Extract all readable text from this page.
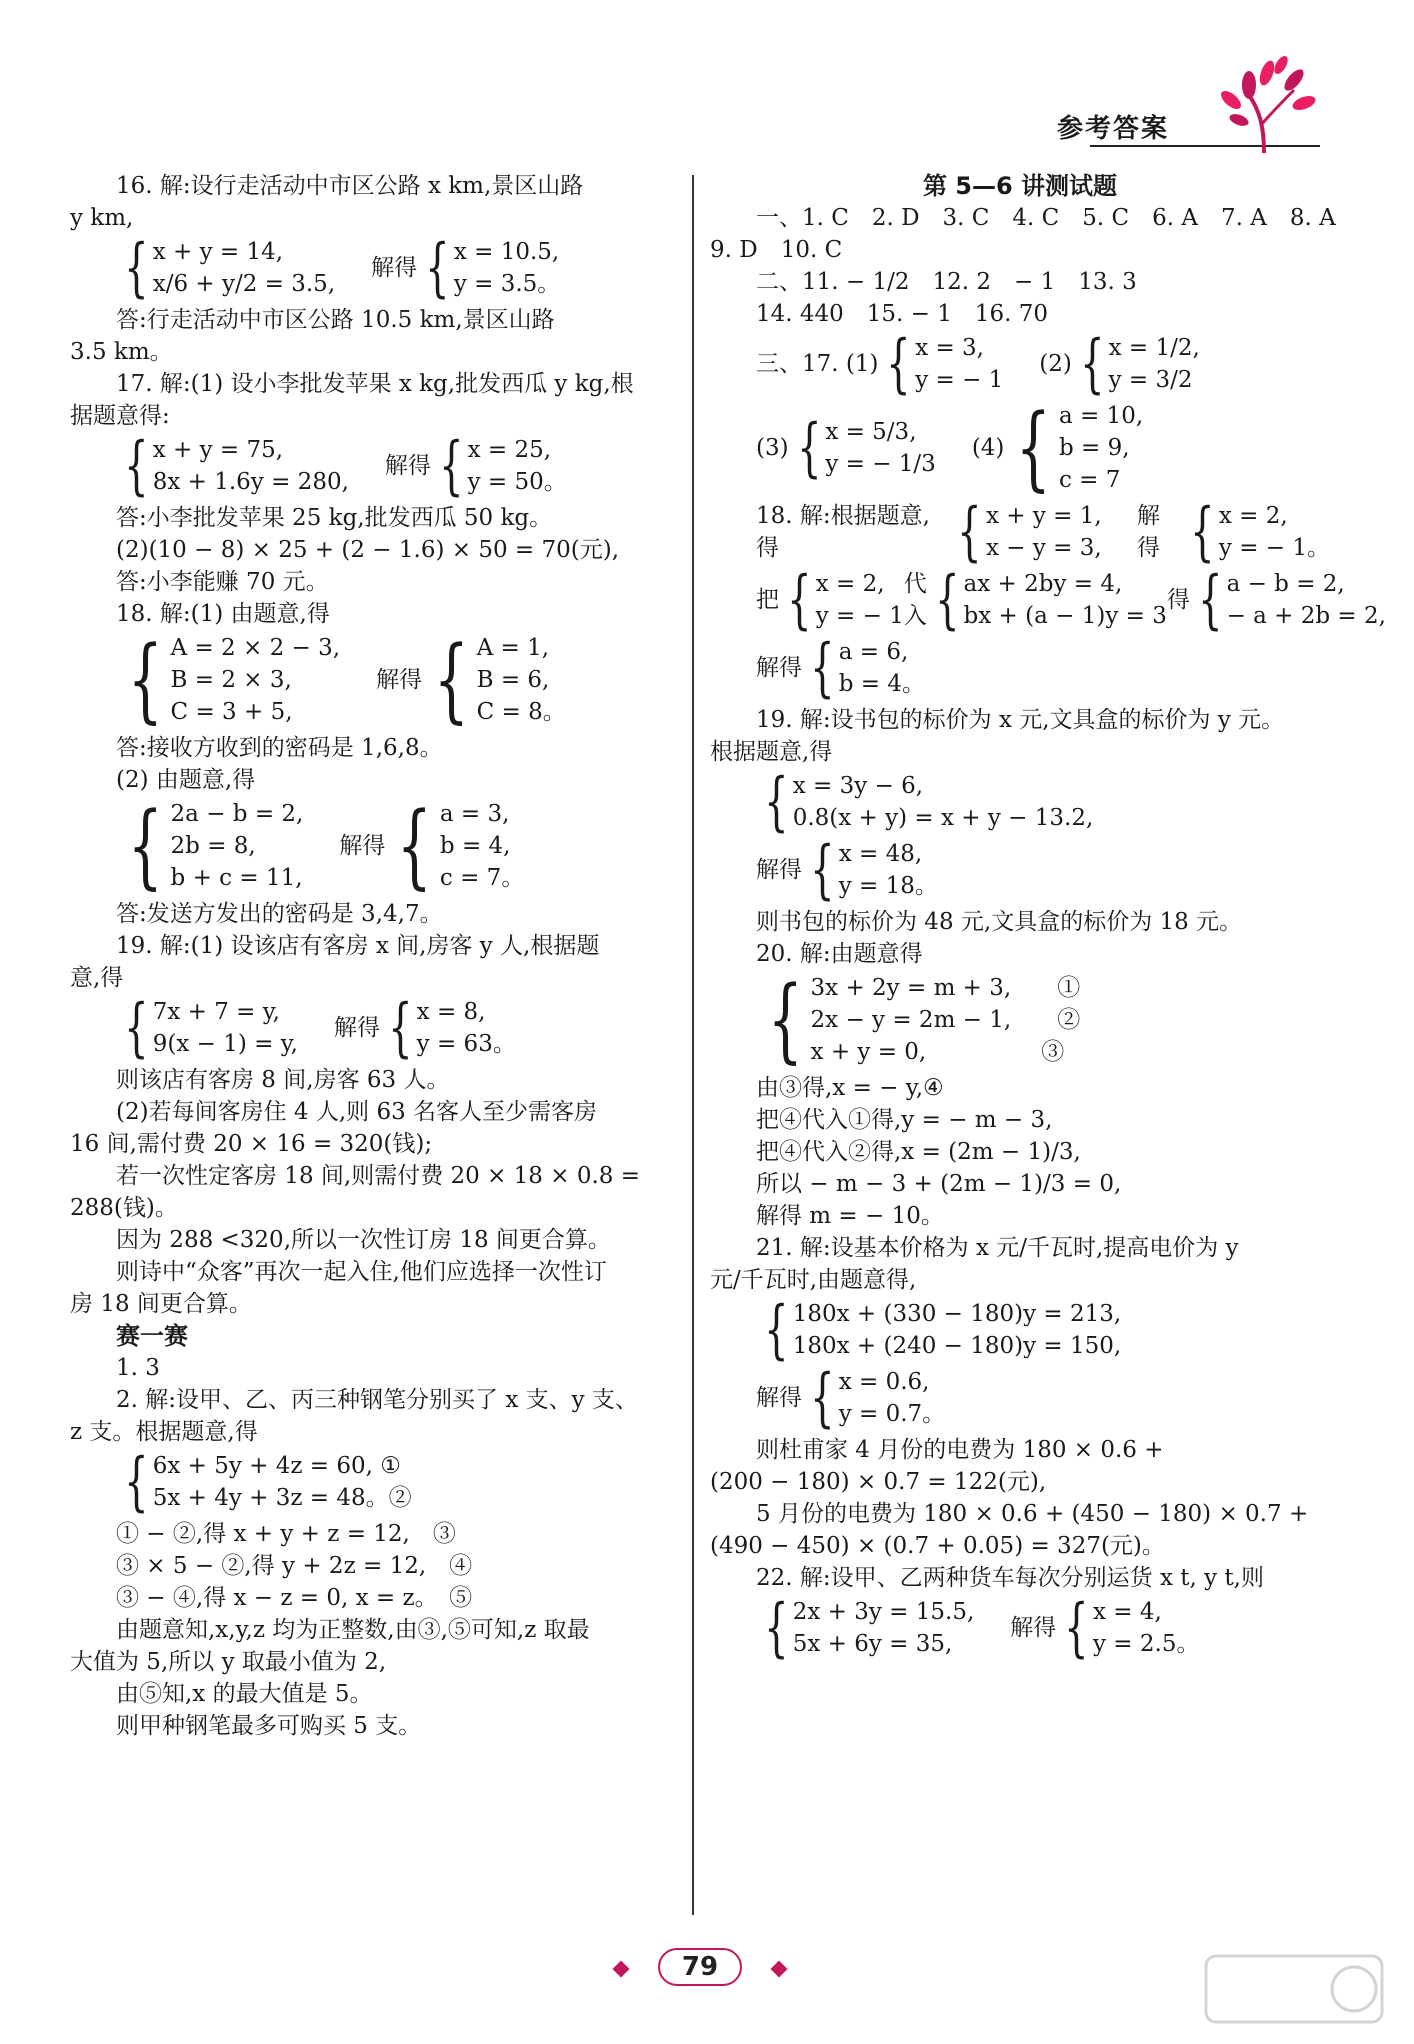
参考答案
16. 解:设行走活动中市区公路 x km,景区山路
y km,
{ x + y = 14,
x/6 + y/2 = 3.5,
解得 { x = 10.5,
y = 3.5。
答:行走活动中市区公路 10.5 km,景区山路
3.5 km。
17. 解:(1) 设小李批发苹果 x kg,批发西瓜 y kg,根
据题意得:
{ x + y = 75,
8x + 1.6y = 280,
解得 { x = 25,
y = 50。
答:小李批发苹果 25 kg,批发西瓜 50 kg。
(2)(10 − 8) × 25 + (2 − 1.6) × 50 = 70(元),
答:小李能赚 70 元。
18. 解:(1) 由题意,得
{ A = 2 × 2 − 3,
B = 2 × 3,
C = 3 + 5,
解得 { A = 1,
B = 6,
C = 8。
答:接收方收到的密码是 1,6,8。
(2) 由题意,得
{ 2a − b = 2,
2b = 8,
b + c = 11,
解得 { a = 3,
b = 4,
c = 7。
答:发送方发出的密码是 3,4,7。
19. 解:(1) 设该店有客房 x 间,房客 y 人,根据题
意,得
{ 7x + 7 = y,
9(x − 1) = y,
解得 { x = 8,
y = 63。
则该店有客房 8 间,房客 63 人。
(2)若每间客房住 4 人,则 63 名客人至少需客房
16 间,需付费 20 × 16 = 320(钱);
若一次性定客房 18 间,则需付费 20 × 18 × 0.8 =
288(钱)。
因为 288 <320,所以一次性订房 18 间更合算。
则诗中“众客”再次一起入住,他们应选择一次性订
房 18 间更合算。
赛一赛
1. 3
2. 解:设甲、乙、丙三种钢笔分别买了 x 支、y 支、
z 支。根据题意,得
{ 6x + 5y + 4z = 60, ①
5x + 4y + 3z = 48。②
① − ②,得 x + y + z = 12,　③
③ × 5 − ②,得 y + 2z = 12,　④
③ − ④,得 x − z = 0, x = z。　⑤
由题意知,x,y,z 均为正整数,由③,⑤可知,z 取最
大值为 5,所以 y 取最小值为 2,
由⑤知,x 的最大值是 5。
则甲种钢笔最多可购买 5 支。
第 5—6 讲测试题
一、1. C　2. D　3. C　4. C　5. C　6. A　7. A　8. A
9. D　10. C
二、11. − 1/2　12. 2　− 1　13. 3
14. 440　15. − 1　16. 70
三、17. (1) { x = 3,
y = − 1
(2) { x = 1/2,
y = 3/2
(3) { x = 5/3,
y = − 1/3
(4) { a = 10,
b = 9,
c = 7
18. 解:根据题意,得	{ x + y = 1,
x − y = 3,
解得 { x = 2,
y = − 1。
把 { x = 2,
y = − 1
代入 { ax + 2by = 4,
bx + (a − 1)y = 3
得 { a − b = 2,
− a + 2b = 2,
解得 { a = 6,
b = 4。
19. 解:设书包的标价为 x 元,文具盒的标价为 y 元。
根据题意,得
{ x = 3y − 6,
0.8(x + y) = x + y − 13.2,
解得 { x = 48,
y = 18。
则书包的标价为 48 元,文具盒的标价为 18 元。
20. 解:由题意得
{ 3x + 2y = m + 3,　　①
2x − y = 2m − 1,　　②
x + y = 0,　　　　　③
由③得,x = − y,④
把④代入①得,y = − m − 3,
把④代入②得,x = (2m − 1)/3,
所以 − m − 3 + (2m − 1)/3 = 0,
解得 m = − 10。
21. 解:设基本价格为 x 元/千瓦时,提高电价为 y
元/千瓦时,由题意得,
{ 180x + (330 − 180)y = 213,
180x + (240 − 180)y = 150,
解得 { x = 0.6,
y = 0.7。
则杜甫家 4 月份的电费为 180 × 0.6 +
(200 − 180) × 0.7 = 122(元),
5 月份的电费为 180 × 0.6 + (450 − 180) × 0.7 +
(490 − 450) × (0.7 + 0.05) = 327(元)。
22. 解:设甲、乙两种货车每次分别运货 x t, y t,则
{ 2x + 3y = 15.5,
5x + 6y = 35,
解得 { x = 4,
y = 2.5。
79
